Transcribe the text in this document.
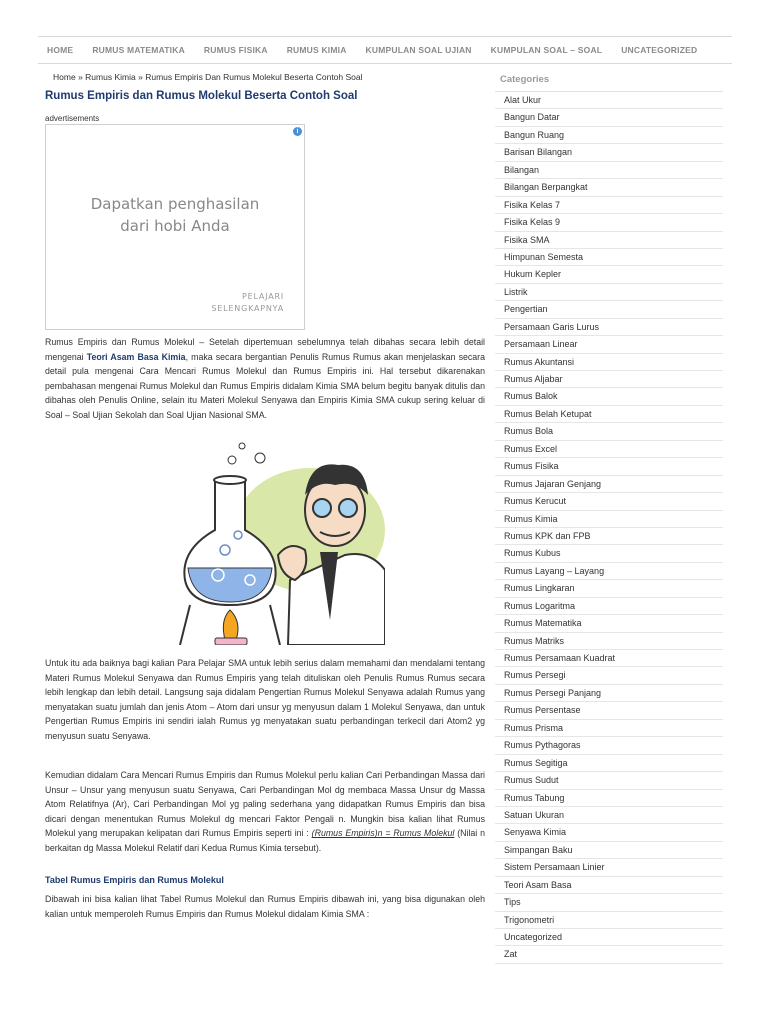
HOME RUMUS MATEMATIKA RUMUS FISIKA RUMUS KIMIA KUMPULAN SOAL UJIAN KUMPULAN SOAL – SOAL UNCATEGORIZED
Home » Rumus Kimia » Rumus Empiris Dan Rumus Molekul Beserta Contoh Soal
Rumus Empiris dan Rumus Molekul Beserta Contoh Soal
advertisements
i
Dapatkan penghasilan
dari hobi Anda
PELAJARI
SELENGKAPNYA

Rumus Empiris dan Rumus Molekul – Setelah dipertemuan sebelumnya telah dibahas secara lebih detail mengenai Teori Asam Basa Kimia, maka secara bergantian Penulis Rumus Rumus akan menjelaskan secara detail pula mengenai Cara Mencari Rumus Molekul dan Rumus Empiris ini. Hal tersebut dikarenakan pembahasan mengenai Rumus Molekul dan Rumus Empiris didalam Kimia SMA belum begitu banyak ditulis dan dibahas oleh Penulis Online, selain itu Materi Molekul Senyawa dan Empiris Kimia SMA cukup sering keluar di Soal – Soal Ujian Sekolah dan Soal Ujian Nasional SMA.

Untuk itu ada baiknya bagi kalian Para Pelajar SMA untuk lebih serius dalam memahami dan mendalami tentang Materi Rumus Molekul Senyawa dan Rumus Empiris yang telah dituliskan oleh Penulis Rumus Rumus secara lebih lengkap dan lebih detail. Langsung saja didalam Pengertian Rumus Molekul Senyawa adalah Rumus yang menyatakan suatu jumlah dan jenis Atom – Atom dari unsur yg menyusun dalam 1 Molekul Senyawa, dan untuk Pengertian Rumus Empiris ini sendiri ialah Rumus yg menyatakan suatu perbandingan terkecil dari Atom2 yg menyusun suatu Senyawa.

Kemudian didalam Cara Mencari Rumus Empiris dan Rumus Molekul perlu kalian Cari Perbandingan Massa dari Unsur – Unsur yang menyusun suatu Senyawa, Cari Perbandingan Mol dg membaca Massa Unsur dg Massa Atom Relatifnya (Ar), Cari Perbandingan Mol yg paling sederhana yang didapatkan Rumus Empiris dan bisa dicari dengan menentukan Rumus Molekul dg mencari Faktor Pengali n. Mungkin bisa kalian lihat Rumus Molekul yang merupakan kelipatan dari Rumus Empiris seperti ini : (Rumus Empiris)n = Rumus Molekul (Nilai n berkaitan dg Massa Molekul Relatif dari Kedua Rumus Kimia tersebut).

Tabel Rumus Empiris dan Rumus Molekul

Dibawah ini bisa kalian lihat Tabel Rumus Molekul dan Rumus Empiris dibawah ini, yang bisa digunakan oleh kalian untuk memperoleh Rumus Empiris dan Rumus Molekul didalam Kimia SMA :

Categories
Alat Ukur
Bangun Datar
Bangun Ruang
Barisan Bilangan
Bilangan
Bilangan Berpangkat
Fisika Kelas 7
Fisika Kelas 9
Fisika SMA
Himpunan Semesta
Hukum Kepler
Listrik
Pengertian
Persamaan Garis Lurus
Persamaan Linear
Rumus Akuntansi
Rumus Aljabar
Rumus Balok
Rumus Belah Ketupat
Rumus Bola
Rumus Excel
Rumus Fisika
Rumus Jajaran Genjang
Rumus Kerucut
Rumus Kimia
Rumus KPK dan FPB
Rumus Kubus
Rumus Layang – Layang
Rumus Lingkaran
Rumus Logaritma
Rumus Matematika
Rumus Matriks
Rumus Persamaan Kuadrat
Rumus Persegi
Rumus Persegi Panjang
Rumus Persentase
Rumus Prisma
Rumus Pythagoras
Rumus Segitiga
Rumus Sudut
Rumus Tabung
Satuan Ukuran
Senyawa Kimia
Simpangan Baku
Sistem Persamaan Linier
Teori Asam Basa
Tips
Trigonometri
Uncategorized
Zat
